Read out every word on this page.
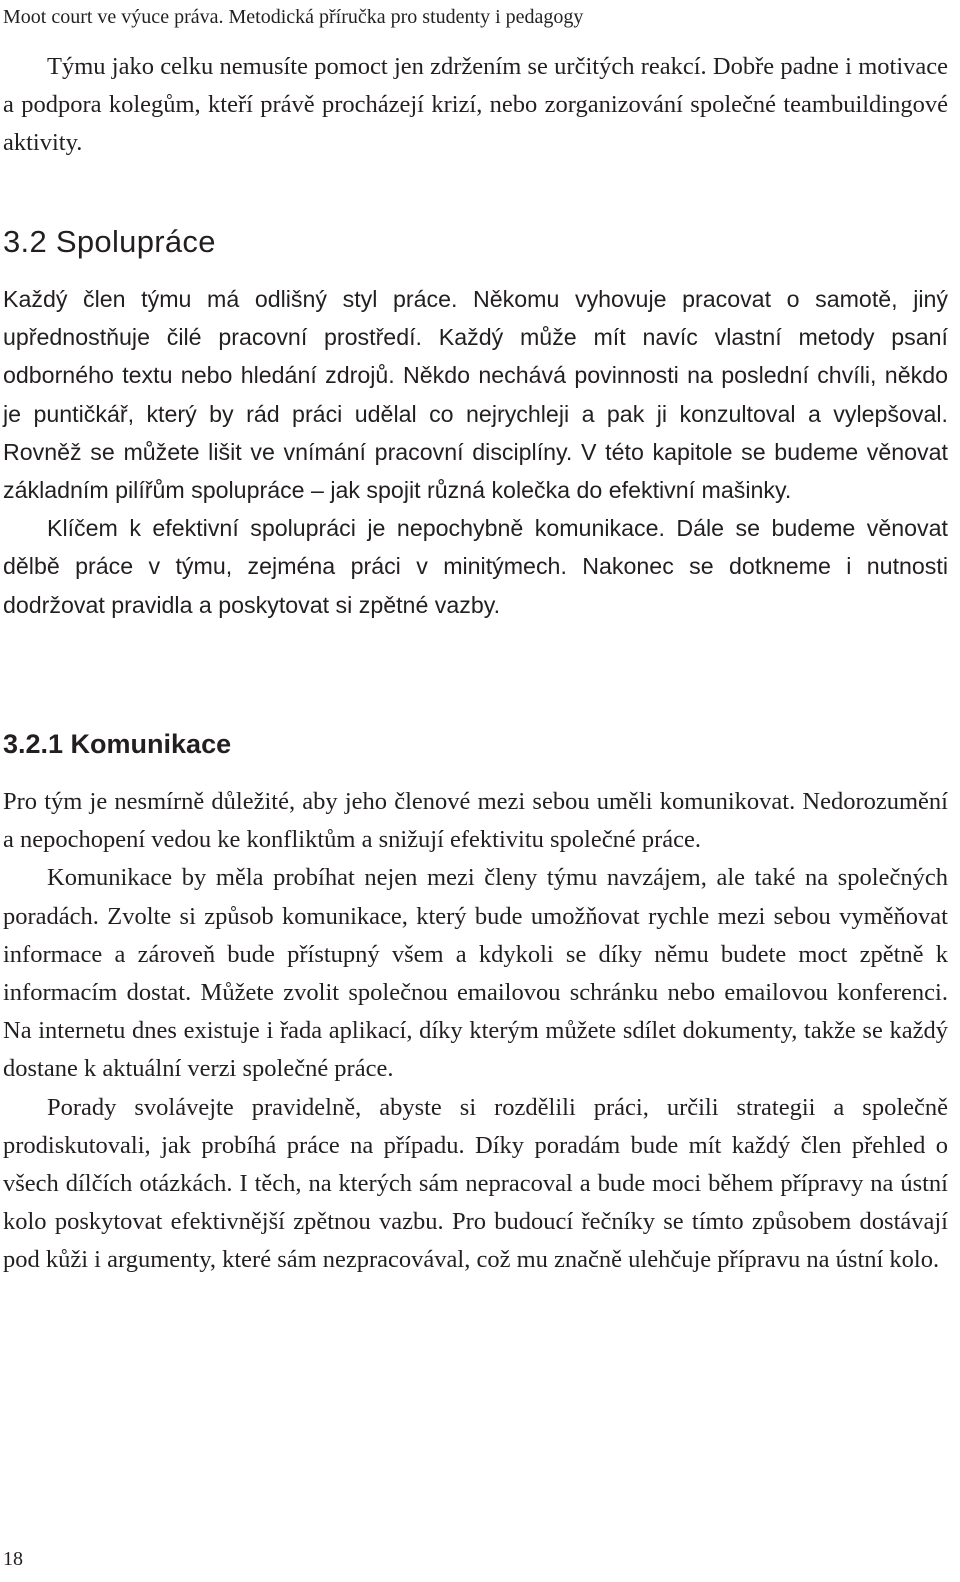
Moot court ve výuce práva. Metodická příručka pro studenty i pedagogy

Týmu jako celku nemusíte pomoct jen zdržením se určitých reakcí. Dobře padne i motivace a podpora kolegům, kteří právě procházejí krizí, nebo zorganizování společné teambuildingové aktivity.

3.2 Spolupráce

Každý člen týmu má odlišný styl práce. Někomu vyhovuje pracovat o samotě, jiný upřednostňuje čilé pracovní prostředí. Každý může mít navíc vlastní metody psaní odborného textu nebo hledání zdrojů. Někdo nechává povinnosti na poslední chvíli, někdo je puntičkář, který by rád práci udělal co nejrychleji a pak ji konzultoval a vylepšoval. Rovněž se můžete lišit ve vnímání pracovní disciplíny. V této kapitole se budeme věnovat základním pilířům spolupráce – jak spojit různá kolečka do efektivní mašinky.

Klíčem k efektivní spolupráci je nepochybně komunikace. Dále se budeme věnovat dělbě práce v týmu, zejména práci v minitýmech. Nakonec se dotkneme i nutnosti dodržovat pravidla a poskytovat si zpětné vazby.

3.2.1 Komunikace

Pro tým je nesmírně důležité, aby jeho členové mezi sebou uměli komunikovat. Nedorozumění a nepochopení vedou ke konfliktům a snižují efektivitu společné práce.

Komunikace by měla probíhat nejen mezi členy týmu navzájem, ale také na společných poradách. Zvolte si způsob komunikace, který bude umožňovat rychle mezi sebou vyměňovat informace a zároveň bude přístupný všem a kdykoli se díky němu budete moct zpětně k informacím dostat. Můžete zvolit společnou emailovou schránku nebo emailovou konferenci. Na internetu dnes existuje i řada aplikací, díky kterým můžete sdílet dokumenty, takže se každý dostane k aktuální verzi společné práce.

Porady svolávejte pravidelně, abyste si rozdělili práci, určili strategii a společně prodiskutovali, jak probíhá práce na případu. Díky poradám bude mít každý člen přehled o všech dílčích otázkách. I těch, na kterých sám nepracoval a bude moci během přípravy na ústní kolo poskytovat efektivnější zpětnou vazbu. Pro budoucí řečníky se tímto způsobem dostávají pod kůži i argumenty, které sám nezpracovával, což mu značně ulehčuje přípravu na ústní kolo.

18
